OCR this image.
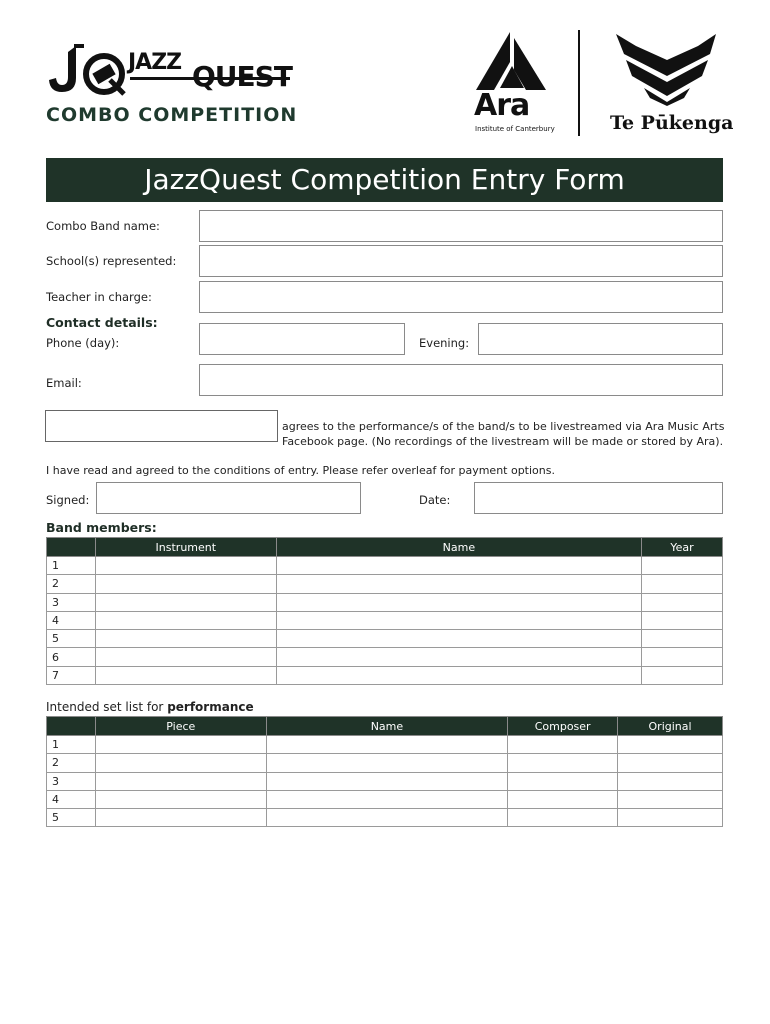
JAZZ QUEST
COMBO COMPETITION	Ara
Institute of Canterbury	Te Pūkenga
JazzQuest Competition Entry Form
Combo Band name:
School(s) represented:
Teacher in charge:
Contact details:
Phone (day):	Evening:
Email:
agrees to the performance/s of the band/s to be livestreamed via Ara Music Arts Facebook page. (No recordings of the livestream will be made or stored by Ara).
I have read and agreed to the conditions of entry. Please refer overleaf for payment options.
Signed:	Date:
Band members:
	Instrument	Name	Year
1			
2			
3			
4			
5			
6			
7			
Intended set list for performance
	Piece	Name	Composer	Original
1				
2				
3				
4				
5				
